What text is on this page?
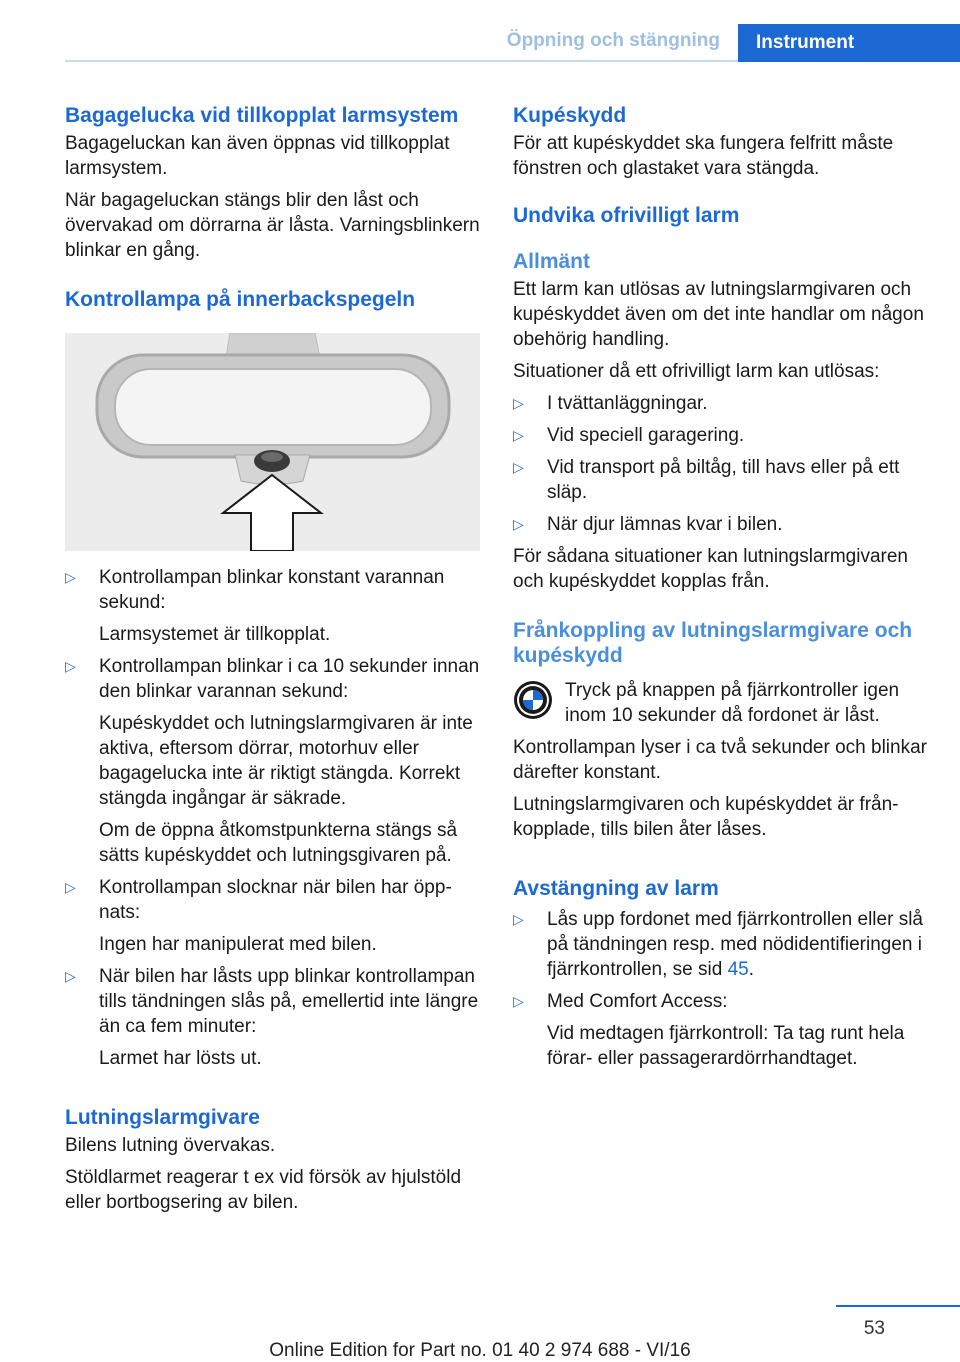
Öppning och stängning	Instrument
Bagagelucka vid tillkopplat larmsystem

Bagageluckan kan även öppnas vid tillkopplat larmsystem.

När bagageluckan stängs blir den låst och övervakad om dörrarna är låsta. Varningsblinkern blinkar en gång.

Kontrollampa på innerbackspegeln
▷ Kontrollampan blinkar konstant varannan sekund:

Larmsystemet är tillkopplat.

▷ Kontrollampan blinkar i ca 10 sekunder innan den blinkar varannan sekund:

Kupéskyddet och lutningslarmgivaren är inte aktiva, eftersom dörrar, motorhuv eller bagagelucka inte är riktigt stängda. Korrekt stängda ingångar är säkrade.

Om de öppna åtkomstpunkterna stängs så sätts kupéskyddet och lutningsgivaren på.

▷ Kontrollampan slocknar när bilen har öppnats:

Ingen har manipulerat med bilen.

▷ När bilen har låsts upp blinkar kontrollampan tills tändningen slås på, emellertid inte längre än ca fem minuter:

Larmet har lösts ut.

Lutningslarmgivare

Bilens lutning övervakas.

Stöldlarmet reagerar t ex vid försök av hjulstöld eller bortbogsering av bilen.

Kupéskydd

För att kupéskyddet ska fungera felfritt måste fönstren och glastaket vara stängda.

Undvika ofrivilligt larm
Allmänt

Ett larm kan utlösas av lutningslarmgivaren och kupéskyddet även om det inte handlar om någon obehörig handling.

Situationer då ett ofrivilligt larm kan utlösas:

▷ I tvättanläggningar.
▷ Vid speciell garagering.
▷ Vid transport på biltåg, till havs eller på ett släp.
▷ När djur lämnas kvar i bilen.

För sådana situationer kan lutningslarmgivaren och kupéskyddet kopplas från.

Frånkoppling av lutningslarmgivare och kupéskydd

Tryck på knappen på fjärrkontroller igen inom 10 sekunder då fordonet är låst.

Kontrollampan lyser i ca två sekunder och blinkar därefter konstant.

Lutningslarmgivaren och kupéskyddet är frånkopplade, tills bilen åter låses.

Avstängning av larm
▷ Lås upp fordonet med fjärrkontrollen eller slå på tändningen resp. med nödidentifieringen i fjärrkontrollen, se sid 45.
▷ Med Comfort Access:

Vid medtagen fjärrkontroll: Ta tag runt hela förar- eller passagerardörrhandtaget.

53
Online Edition for Part no. 01 40 2 974 688 - VI/16
